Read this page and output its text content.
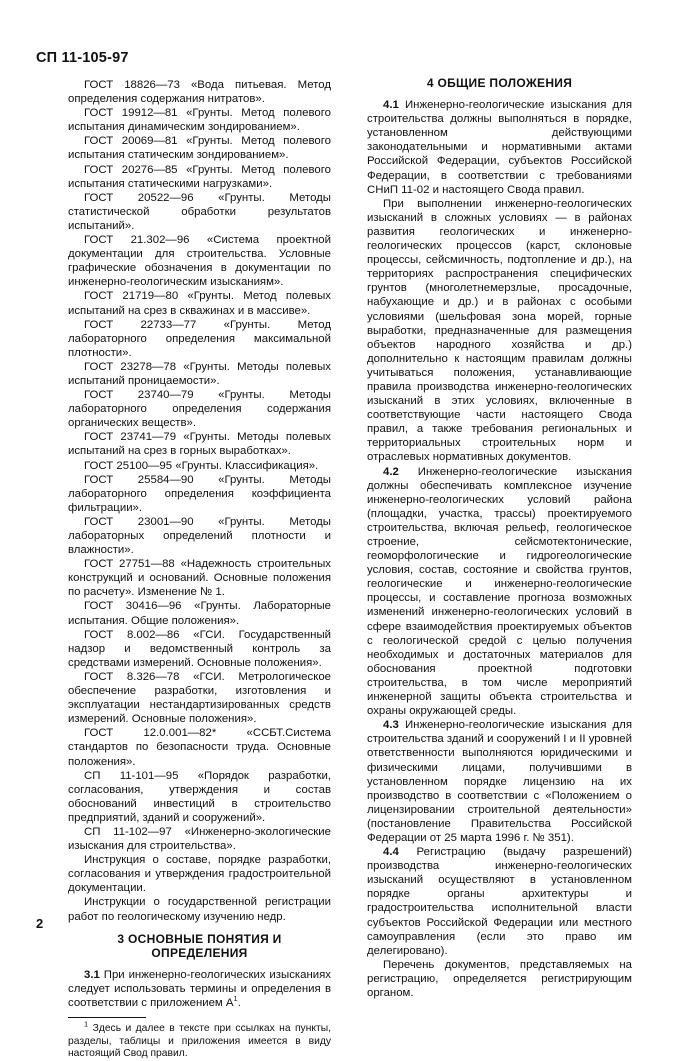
СП 11-105-97

ГОСТ 18826—73 «Вода питьевая. Метод определения содержания нитратов».

ГОСТ 19912—81 «Грунты. Метод полевого испытания динамическим зондированием».

ГОСТ 20069—81 «Грунты. Метод полевого испытания статическим зондированием».

ГОСТ 20276—85 «Грунты. Метод полевого испытания статическими нагрузками».

ГОСТ 20522—96 «Грунты. Методы статистической обработки результатов испытаний».

ГОСТ 21.302—96 «Система проектной документации для строительства. Условные графические обозначения в документации по инженерно-геологическим изысканиям».

ГОСТ 21719—80 «Грунты. Метод полевых испытаний на срез в скважинах и в массиве».

ГОСТ 22733—77 «Грунты. Метод лабораторного определения максимальной плотности».

ГОСТ 23278—78 «Грунты. Методы полевых испытаний проницаемости».

ГОСТ 23740—79 «Грунты. Методы лабораторного определения содержания органических веществ».

ГОСТ 23741—79 «Грунты. Методы полевых испытаний на срез в горных выработках».

ГОСТ 25100—95 «Грунты. Классификация».

ГОСТ 25584—90 «Грунты. Методы лабораторного определения коэффициента фильтрации».

ГОСТ 23001—90 «Грунты. Методы лабораторных определений плотности и влажности».

ГОСТ 27751—88 «Надежность строительных конструкций и оснований. Основные положения по расчету». Изменение № 1.

ГОСТ 30416—96 «Грунты. Лабораторные испытания. Общие положения».

ГОСТ 8.002—86 «ГСИ. Государственный надзор и ведомственный контроль за средствами измерений. Основные положения».

ГОСТ 8.326—78 «ГСИ. Метрологическое обеспечение разработки, изготовления и эксплуатации нестандартизированных средств измерений. Основные положения».

ГОСТ 12.0.001—82* «ССБТ.Система стандартов по безопасности труда. Основные положения».

СП 11-101—95 «Порядок разработки, согласования, утверждения и состав обоснований инвестиций в строительство предприятий, зданий и сооружений».

СП 11-102—97 «Инженерно-экологические изыскания для строительства».

Инструкция о составе, порядке разработки, согласования и утверждения градостроительной документации.

Инструкции о государственной регистрации работ по геологическому изучению недр.

3 ОСНОВНЫЕ ПОНЯТИЯ И ОПРЕДЕЛЕНИЯ

3.1 При инженерно-геологических изысканиях следует использовать термины и определения в соответствии с приложением $А^1$.

$^1$ Здесь и далее в тексте при ссылках на пункты, разделы, таблицы и приложения имеется в виду настоящий Свод правил.

4 ОБЩИЕ ПОЛОЖЕНИЯ

4.1 Инженерно-геологические изыскания для строительства должны выполняться в порядке, установленном действующими законодательными и нормативными актами Российской Федерации, субъектов Российской Федерации, в соответствии с требованиями СНиП 11-02 и настоящего Свода правил.

При выполнении инженерно-геологических изысканий в сложных условиях — в районах развития геологических и инженерно-геологических процессов (карст, склоновые процессы, сейсмичность, подтопление и др.), на территориях распространения специфических грунтов (многолетнемерзлые, просадочные, набухающие и др.) и в районах с особыми условиями (шельфовая зона морей, горные выработки, предназначенные для размещения объектов народного хозяйства и др.) дополнительно к настоящим правилам должны учитываться положения, устанавливающие правила производства инженерно-геологических изысканий в этих условиях, включенные в соответствующие части настоящего Свода правил, а также требования региональных и территориальных строительных норм и отраслевых нормативных документов.

4.2 Инженерно-геологические изыскания должны обеспечивать комплексное изучение инженерно-геологических условий района (площадки, участка, трассы) проектируемого строительства, включая рельеф, геологическое строение, сейсмотектонические, геоморфологические и гидрогеологические условия, состав, состояние и свойства грунтов, геологические и инженерно-геологические процессы, и составление прогноза возможных изменений инженерно-геологических условий в сфере взаимодействия проектируемых объектов с геологической средой с целью получения необходимых и достаточных материалов для обоснования проектной подготовки строительства, в том числе мероприятий инженерной защиты объекта строительства и охраны окружающей среды.

4.3 Инженерно-геологические изыскания для строительства зданий и сооружений I и II уровней ответственности выполняются юридическими и физическими лицами, получившими в установленном порядке лицензию на их производство в соответствии с «Положением о лицензировании строительной деятельности» (постановление Правительства Российской Федерации от 25 марта 1996 г. № 351).

4.4 Регистрацию (выдачу разрешений) производства инженерно-геологических изысканий осуществляют в установленном порядке органы архитектуры и градостроительства исполнительной власти субъектов Российской Федерации или местного самоуправления (если это право им делегировано).

Перечень документов, представляемых на регистрацию, определяется регистрирующим органом.

2
